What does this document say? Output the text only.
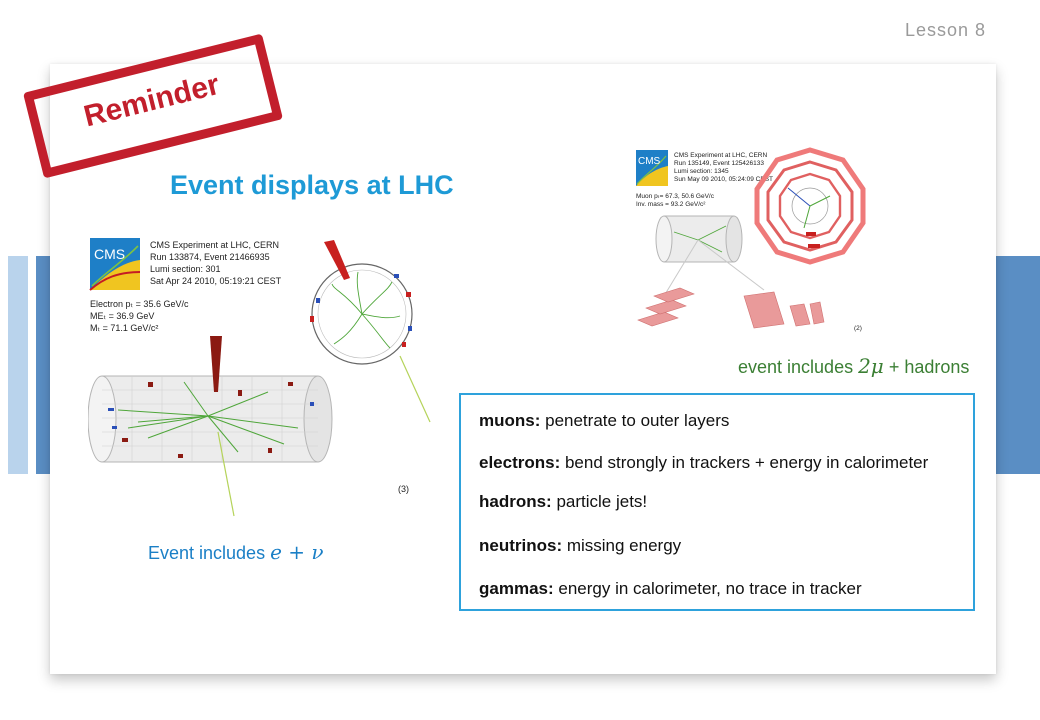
Lesson 8
Reminder
Event displays at LHC
CMS
CMS Experiment at LHC, CERN
Run 133874, Event 21466935
Lumi section: 301
Sat Apr 24 2010, 05:19:21 CEST
Electron pₜ = 35.6 GeV/c
MEₜ = 36.9 GeV
Mₜ = 71.1 GeV/c²
(3)
Event includes e + ν
CMS
CMS Experiment at LHC, CERN
Run 135149, Event 125426133
Lumi section: 1345
Sun May 09 2010, 05:24:09 CEST
Muon pₜ= 67.3, 50.6 GeV/c
Inv. mass = 93.2 GeV/c²
(2)
event includes 2μ + hadrons
muons: penetrate to outer layers
electrons: bend strongly in trackers + energy in calorimeter
hadrons: particle jets!
neutrinos: missing energy
gammas: energy in calorimeter, no trace in tracker
